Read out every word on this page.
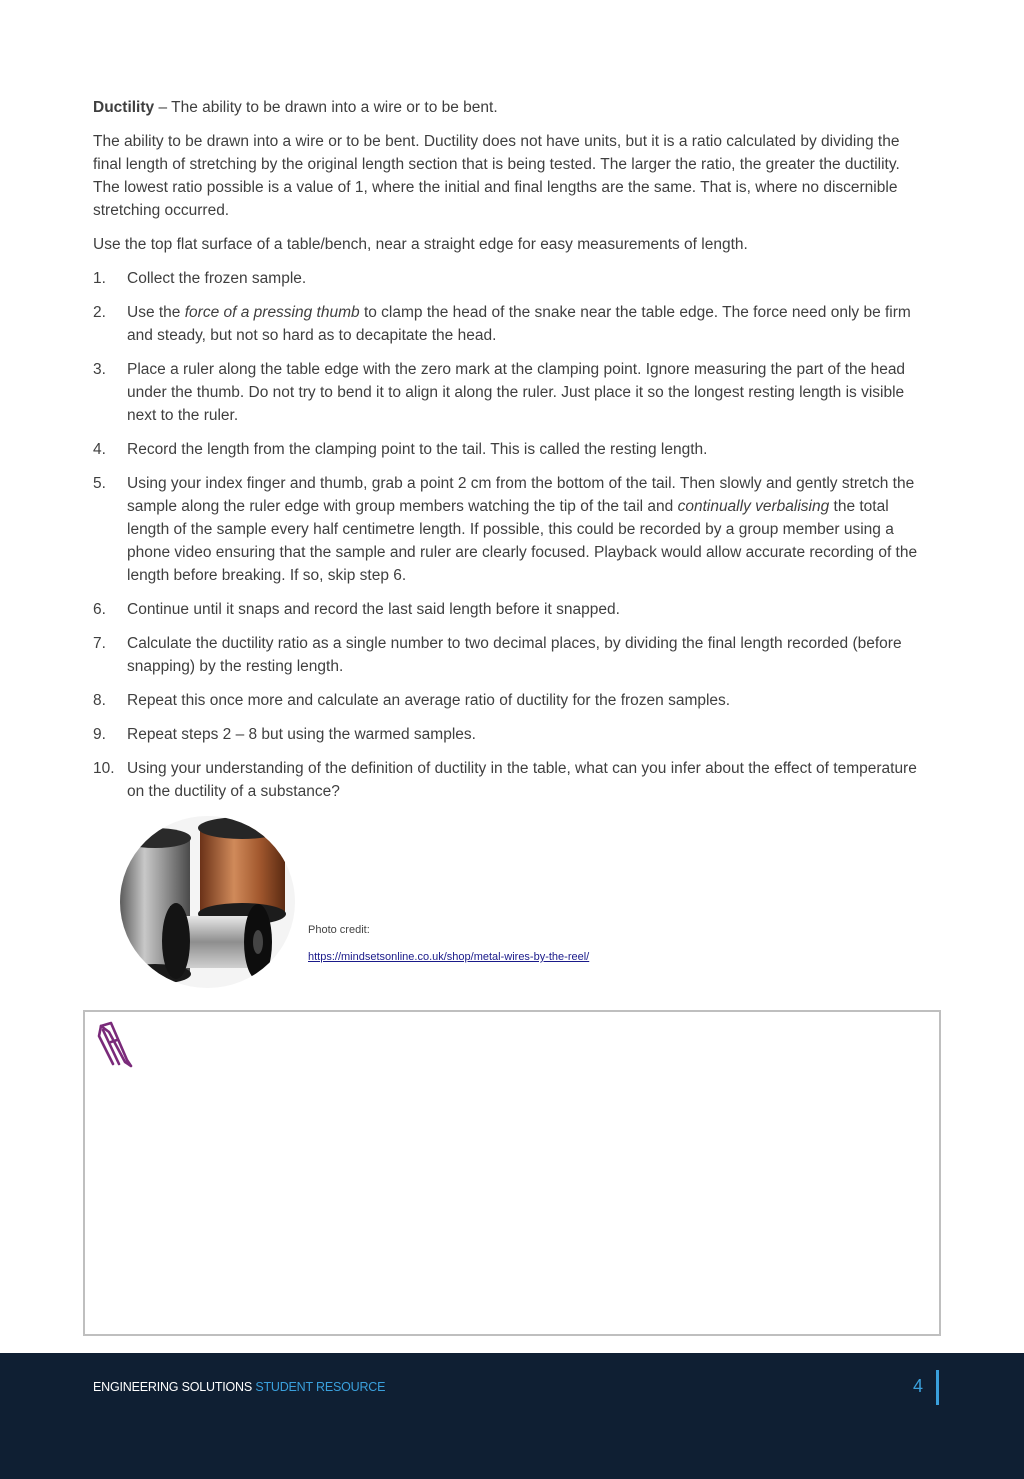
Ductility – The ability to be drawn into a wire or to be bent.

The ability to be drawn into a wire or to be bent. Ductility does not have units, but it is a ratio calculated by dividing the final length of stretching by the original length section that is being tested. The larger the ratio, the greater the ductility. The lowest ratio possible is a value of 1, where the initial and final lengths are the same. That is, where no discernible stretching occurred.

Use the top flat surface of a table/bench, near a straight edge for easy measurements of length.

1.	Collect the frozen sample.
2.	Use the force of a pressing thumb to clamp the head of the snake near the table edge. The force need only be firm and steady, but not so hard as to decapitate the head.
3.	Place a ruler along the table edge with the zero mark at the clamping point. Ignore measuring the part of the head under the thumb. Do not try to bend it to align it along the ruler. Just place it so the longest resting length is visible next to the ruler.
4.	Record the length from the clamping point to the tail. This is called the resting length.
5.	Using your index finger and thumb, grab a point 2 cm from the bottom of the tail. Then slowly and gently stretch the sample along the ruler edge with group members watching the tip of the tail and continually verbalising the total length of the sample every half centimetre length. If possible, this could be recorded by a group member using a phone video ensuring that the sample and ruler are clearly focused. Playback would allow accurate recording of the length before breaking. If so, skip step 6.
6.	Continue until it snaps and record the last said length before it snapped.
7.	Calculate the ductility ratio as a single number to two decimal places, by dividing the final length recorded (before snapping) by the resting length.
8.	Repeat this once more and calculate an average ratio of ductility for the frozen samples.
9.	Repeat steps 2 – 8 but using the warmed samples.
10. Using your understanding of the definition of ductility in the table, what can you infer about the effect of temperature on the ductility of a substance?
Photo credit:
https://mindsetsonline.co.uk/shop/metal-wires-by-the-reel/
ENGINEERING SOLUTIONS STUDENT RESOURCE	4
